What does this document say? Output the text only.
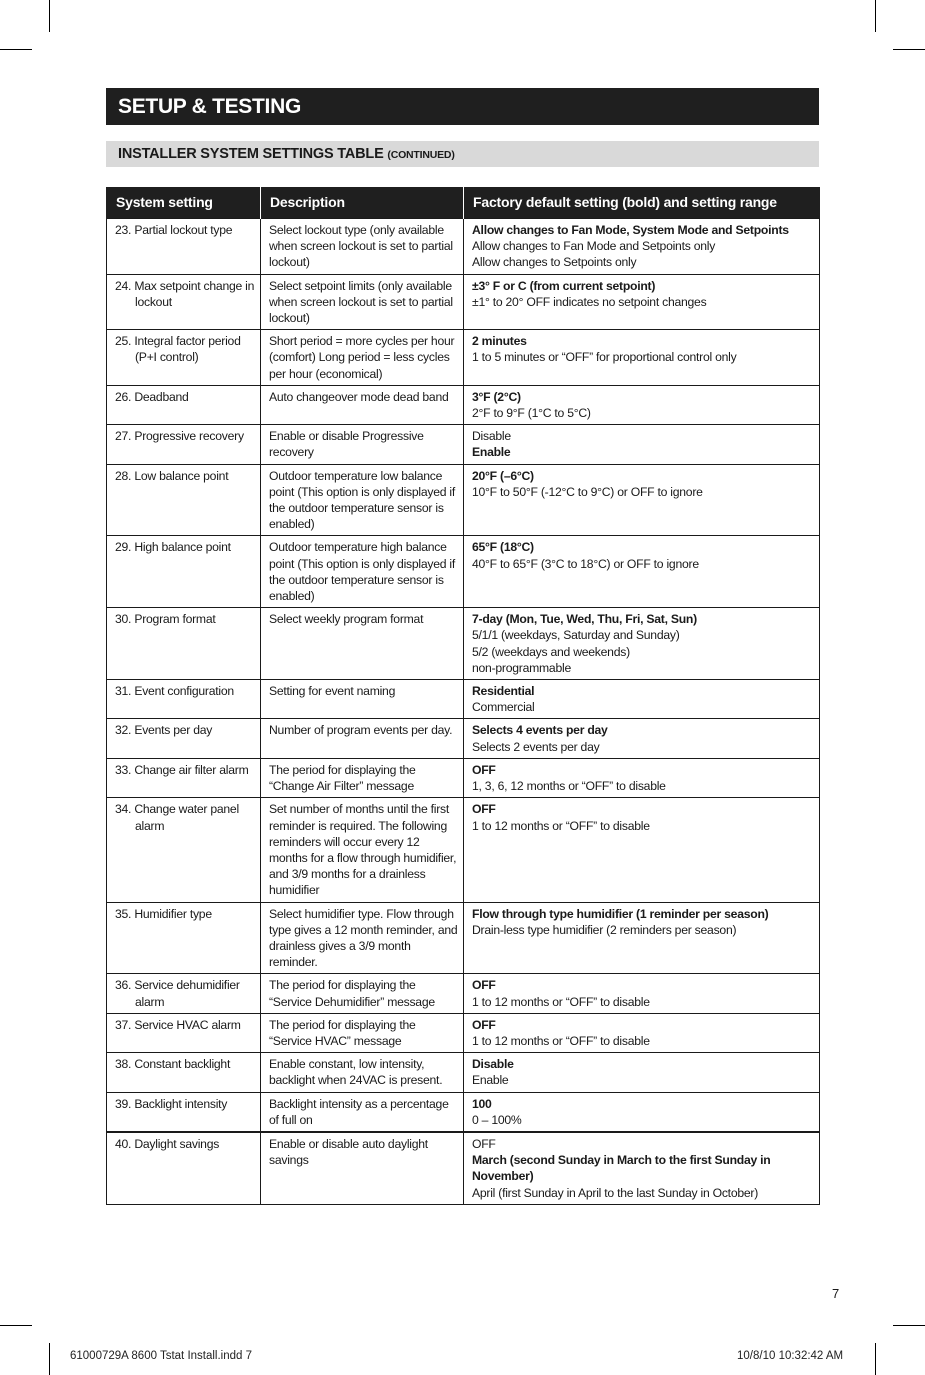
SETUP & TESTING
INSTALLER SYSTEM SETTINGS TABLE (CONTINUED)
System setting	Description	Factory default setting (bold) and setting range

23. Partial lockout type	Select lockout type (only available when screen lockout is set to partial lockout)	Allow changes to Fan Mode, System Mode and Setpoints
Allow changes to Fan Mode and Setpoints only
Allow changes to Setpoints only

24. Max setpoint change in lockout	Select setpoint limits (only available when screen lockout is set to partial lockout)	±3° F or C (from current setpoint)
±1° to 20° OFF indicates no setpoint changes

25. Integral factor period (P+I control)	Short period = more cycles per hour (comfort) Long period = less cycles per hour (economical)	2 minutes
1 to 5 minutes or “OFF” for proportional control only

26. Deadband	Auto changeover mode dead band	3°F (2°C)
2°F to 9°F (1°C to 5°C)

27. Progressive recovery	Enable or disable Progressive recovery	Disable
Enable

28. Low balance point	Outdoor temperature low balance point (This option is only displayed if the outdoor temperature sensor is enabled)	20°F (–6°C)
10°F to 50°F (-12°C to 9°C) or OFF to ignore

29. High balance point	Outdoor temperature high balance point (This option is only displayed if the outdoor temperature sensor is enabled)	65°F (18°C)
40°F to 65°F (3°C to 18°C) or OFF to ignore

30. Program format	Select weekly program format	7-day (Mon, Tue, Wed, Thu, Fri, Sat, Sun)
5/1/1 (weekdays, Saturday and Sunday)
5/2 (weekdays and weekends)
non-programmable

31. Event configuration	Setting for event naming	Residential
Commercial

32. Events per day	Number of program events per day.	Selects 4 events per day
Selects 2 events per day

33. Change air filter alarm	The period for displaying the “Change Air Filter” message	OFF
1, 3, 6, 12 months or “OFF” to disable

34. Change water panel alarm	Set number of months until the first reminder is required. The following reminders will occur every 12 months for a flow through humidifier, and 3/9 months for a drainless humidifier	OFF
1 to 12 months or “OFF” to disable

35. Humidifier type	Select humidifier type. Flow through type gives a 12 month reminder, and drainless gives a 3/9 month reminder.	Flow through type humidifier (1 reminder per season)
Drain-less type humidifier (2 reminders per season)

36. Service dehumidifier alarm	The period for displaying the “Service Dehumidifier” message	OFF
1 to 12 months or “OFF” to disable

37. Service HVAC alarm	The period for displaying the “Service HVAC” message	OFF
1 to 12 months or “OFF” to disable

38. Constant backlight	Enable constant, low intensity, backlight when 24VAC is present.	Disable
Enable

39. Backlight intensity	Backlight intensity as a percentage of full on	100
0 – 100%

40. Daylight savings	Enable or disable auto daylight savings	OFF
March (second Sunday in March to the first Sunday in November)
April (first Sunday in April to the last Sunday in October)
7
61000729A 8600 Tstat Install.indd 7	10/8/10 10:32:42 AM
